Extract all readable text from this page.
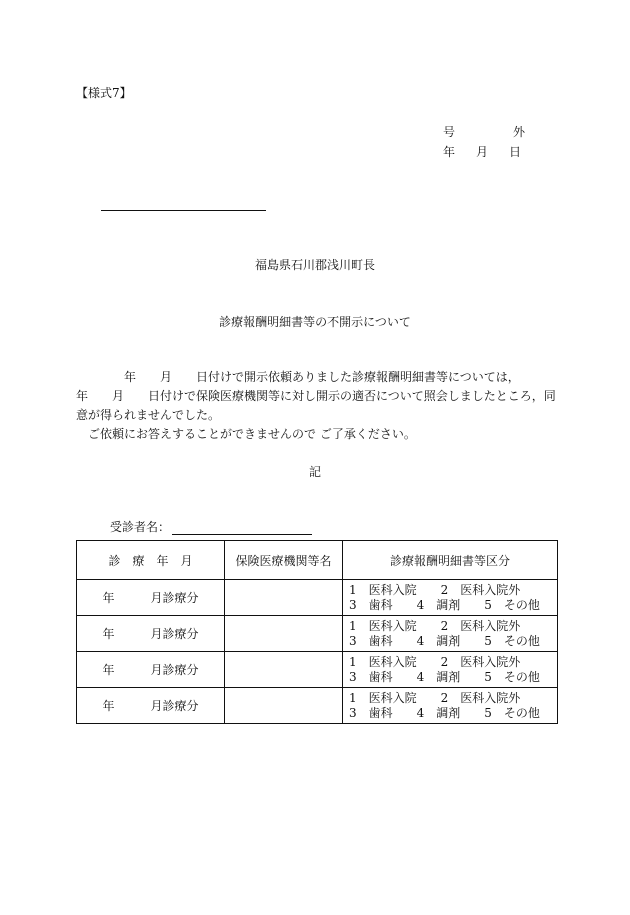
【様式7】
号	外
年	月	日
福島県石川郡浅川町長
診療報酬明細書等の不開示について

　　　　年　　月　　日付けで開示依頼ありました診療報酬明細書等については，

年　　月　　日付けで保険医療機関等に対し開示の適否について照会しましたところ，同意が得られませんでした。

　ご依頼にお答えすることができませんので ご了承ください。

記
受診者名：
診　療　年　月	保険医療機関等名	診療報酬明細書等区分
年　　　月診療分		1　医科入院　　2　医科入院外
3　歯科　　4　調剤　　5　その他

年　　　月診療分		1　医科入院　　2　医科入院外
3　歯科　　4　調剤　　5　その他

年　　　月診療分		1　医科入院　　2　医科入院外
3　歯科　　4　調剤　　5　その他

年　　　月診療分		1　医科入院　　2　医科入院外
3　歯科　　4　調剤　　5　その他
